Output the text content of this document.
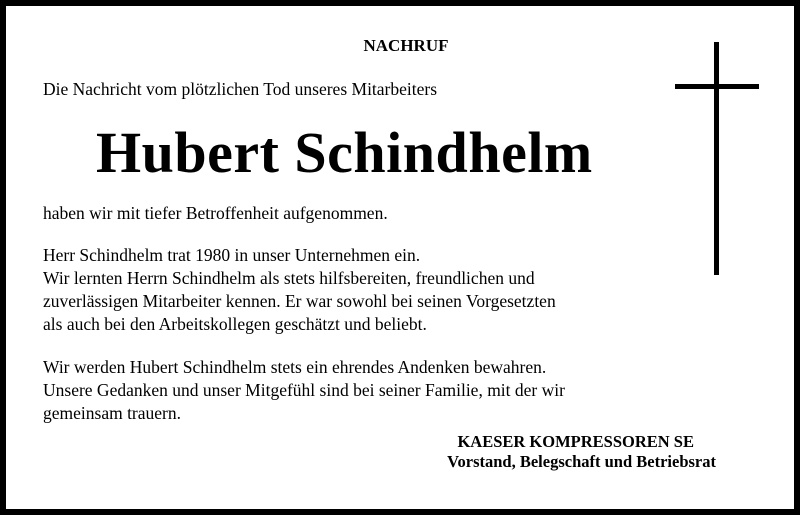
NACHRUF
Die Nachricht vom plötzlichen Tod unseres Mitarbeiters
Hubert Schindhelm
haben wir mit tiefer Betroffenheit aufgenommen.
Herr Schindhelm trat 1980 in unser Unternehmen ein.
Wir lernten Herrn Schindhelm als stets hilfsbereiten, freundlichen und
zuverlässigen Mitarbeiter kennen. Er war sowohl bei seinen Vorgesetzten
als auch bei den Arbeitskollegen geschätzt und beliebt.
Wir werden Hubert Schindhelm stets ein ehrendes Andenken bewahren.
Unsere Gedanken und unser Mitgefühl sind bei seiner Familie, mit der wir
gemeinsam trauern.
KAESER KOMPRESSOREN SE
Vorstand, Belegschaft und Betriebsrat
